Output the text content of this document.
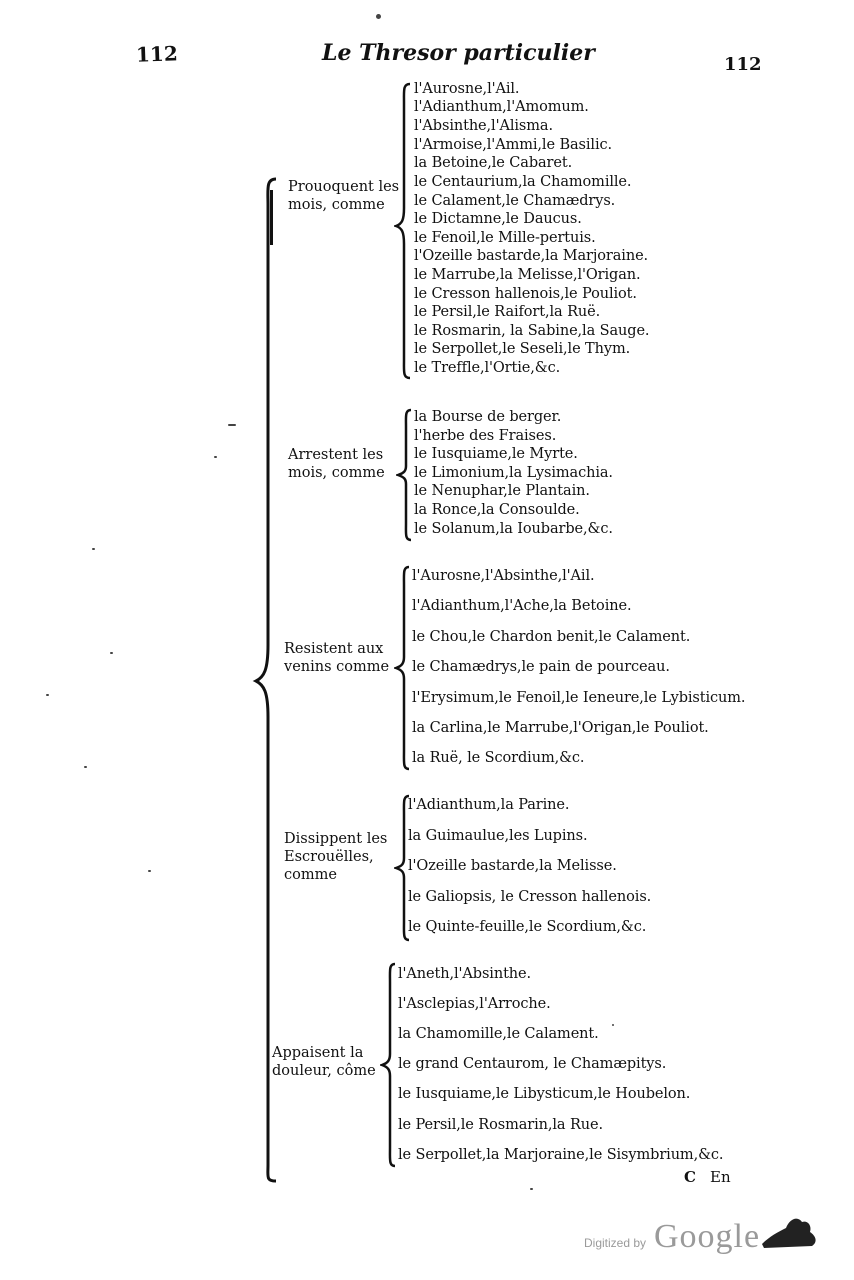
112	Le Thresor particulier	112
Prouoquent les mois, comme
l'Aurosne,l'Ail.
l'Adianthum,l'Amomum.
l'Absinthe,l'Alisma.
l'Armoise,l'Ammi,le Basilic.
la Betoine,le Cabaret.
le Centaurium,la Chamomille.
le Calament,le Chamædrys.
le Dictamne,le Daucus.
le Fenoil,le Mille-pertuis.
l'Ozeille bastarde,la Marjoraine.
le Marrube,la Melisse,l'Origan.
le Cresson hallenois,le Pouliot.
le Persil,le Raifort,la Ruë.
le Rosmarin, la Sabine,la Sauge.
le Serpollet,le Seseli,le Thym.
le Treffle,l'Ortie,&c.
Arrestent les mois, comme
la Bourse de berger.
l'herbe des Fraises.
le Iusquiame,le Myrte.
le Limonium,la Lysimachia.
le Nenuphar,le Plantain.
la Ronce,la Consoulde.
le Solanum,la Ioubarbe,&c.
Resistent aux venins comme
l'Aurosne,l'Absinthe,l'Ail.
l'Adianthum,l'Ache,la Betoine.
le Chou,le Chardon benit,le Calament.
le Chamædrys,le pain de pourceau.
l'Erysimum,le Fenoil,le Ieneure,le Lybisticum.
la Carlina,le Marrube,l'Origan,le Pouliot.
la Ruë, le Scordium,&c.
Dissippent les Escrouëlles, comme
l'Adianthum,la Parine.
la Guimaulue,les Lupins.
l'Ozeille bastarde,la Melisse.
le Galiopsis, le Cresson hallenois.
le Quinte-feuille,le Scordium,&c.
Appaisent la douleur, côme
l'Aneth,l'Absinthe.
l'Asclepias,l'Arroche.
la Chamomille,le Calament.
le grand Centaurom, le Chamæpitys.
le Iusquiame,le Libysticum,le Houbelon.
le Persil,le Rosmarin,la Rue.
le Serpollet,la Marjoraine,le Sisymbrium,&c.
C En
Digitized by Google
